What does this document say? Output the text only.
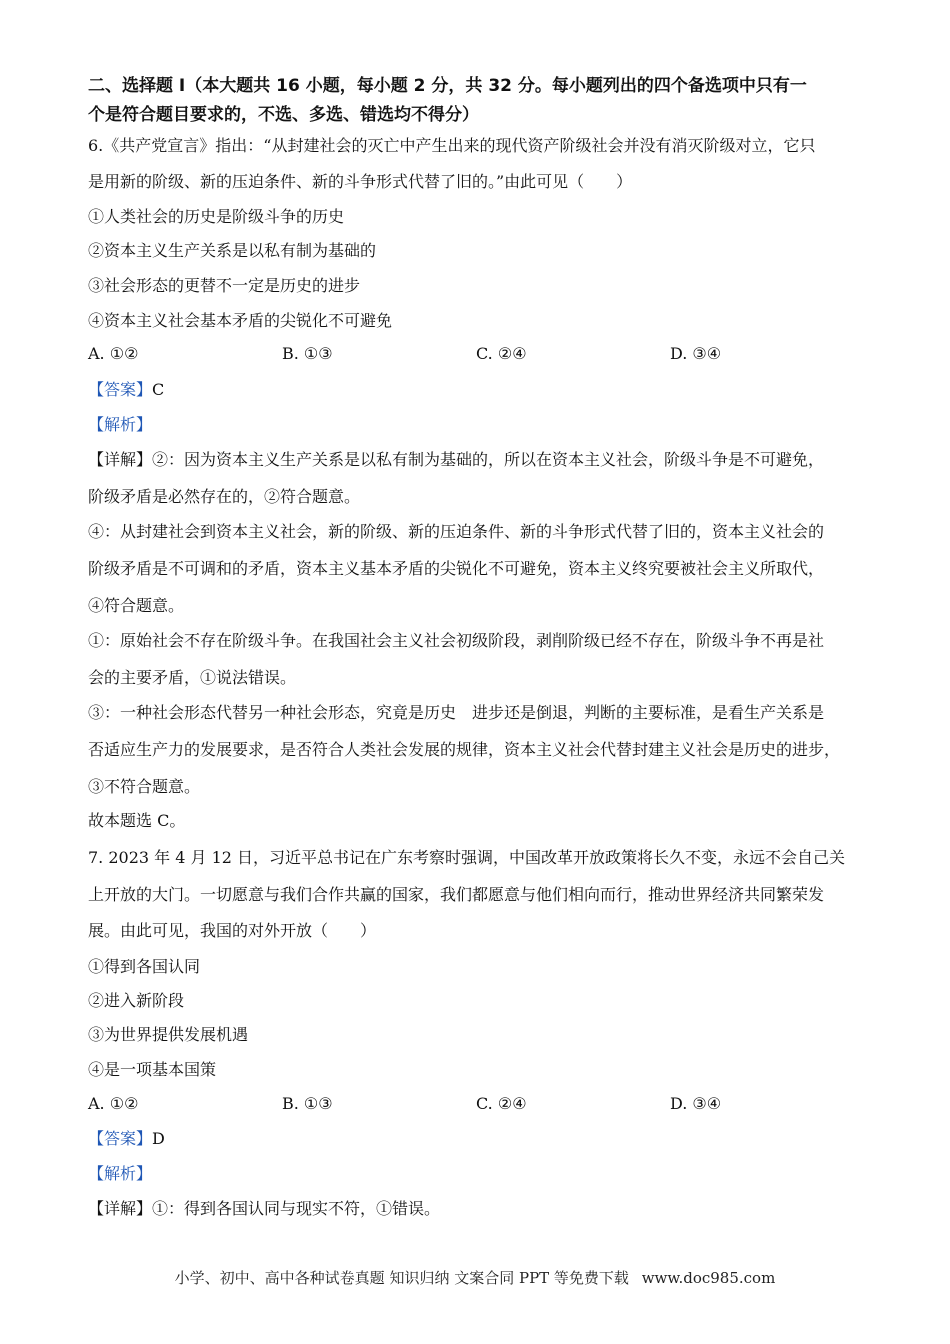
二、选择题 I（本大题共 16 小题，每小题 2 分，共 32 分。每小题列出的四个备选项中只有一
个是符合题目要求的，不选、多选、错选均不得分）
6.《共产党宣言》指出：“从封建社会的灭亡中产生出来的现代资产阶级社会并没有消灭阶级对立，它只
是用新的阶级、新的压迫条件、新的斗争形式代替了旧的。”由此可见（　　）
①人类社会的历史是阶级斗争的历史
②资本主义生产关系是以私有制为基础的
③社会形态的更替不一定是历史的进步
④资本主义社会基本矛盾的尖锐化不可避免
A. ①②	B. ①③	C. ②④	D. ③④
【答案】C
【解析】
【详解】②：因为资本主义生产关系是以私有制为基础的，所以在资本主义社会，阶级斗争是不可避免，
阶级矛盾是必然存在的，②符合题意。
④：从封建社会到资本主义社会，新的阶级、新的压迫条件、新的斗争形式代替了旧的，资本主义社会的
阶级矛盾是不可调和的矛盾，资本主义基本矛盾的尖锐化不可避免，资本主义终究要被社会主义所取代，
④符合题意。
①：原始社会不存在阶级斗争。在我国社会主义社会初级阶段，剥削阶级已经不存在，阶级斗争不再是社
会的主要矛盾，①说法错误。
③：一种社会形态代替另一种社会形态，究竟是历史　进步还是倒退，判断的主要标准，是看生产关系是
否适应生产力的发展要求，是否符合人类社会发展的规律，资本主义社会代替封建主义社会是历史的进步，
③不符合题意。
故本题选 C。
7. 2023 年 4 月 12 日，习近平总书记在广东考察时强调，中国改革开放政策将长久不变，永远不会自己关
上开放的大门。一切愿意与我们合作共赢的国家，我们都愿意与他们相向而行，推动世界经济共同繁荣发
展。由此可见，我国的对外开放（　　）
①得到各国认同
②进入新阶段
③为世界提供发展机遇
④是一项基本国策
A. ①②	B. ①③	C. ②④	D. ③④
【答案】D
【解析】
【详解】①：得到各国认同与现实不符，①错误。
小学、初中、高中各种试卷真题 知识归纳 文案合同 PPT 等免费下载 www.doc985.com
